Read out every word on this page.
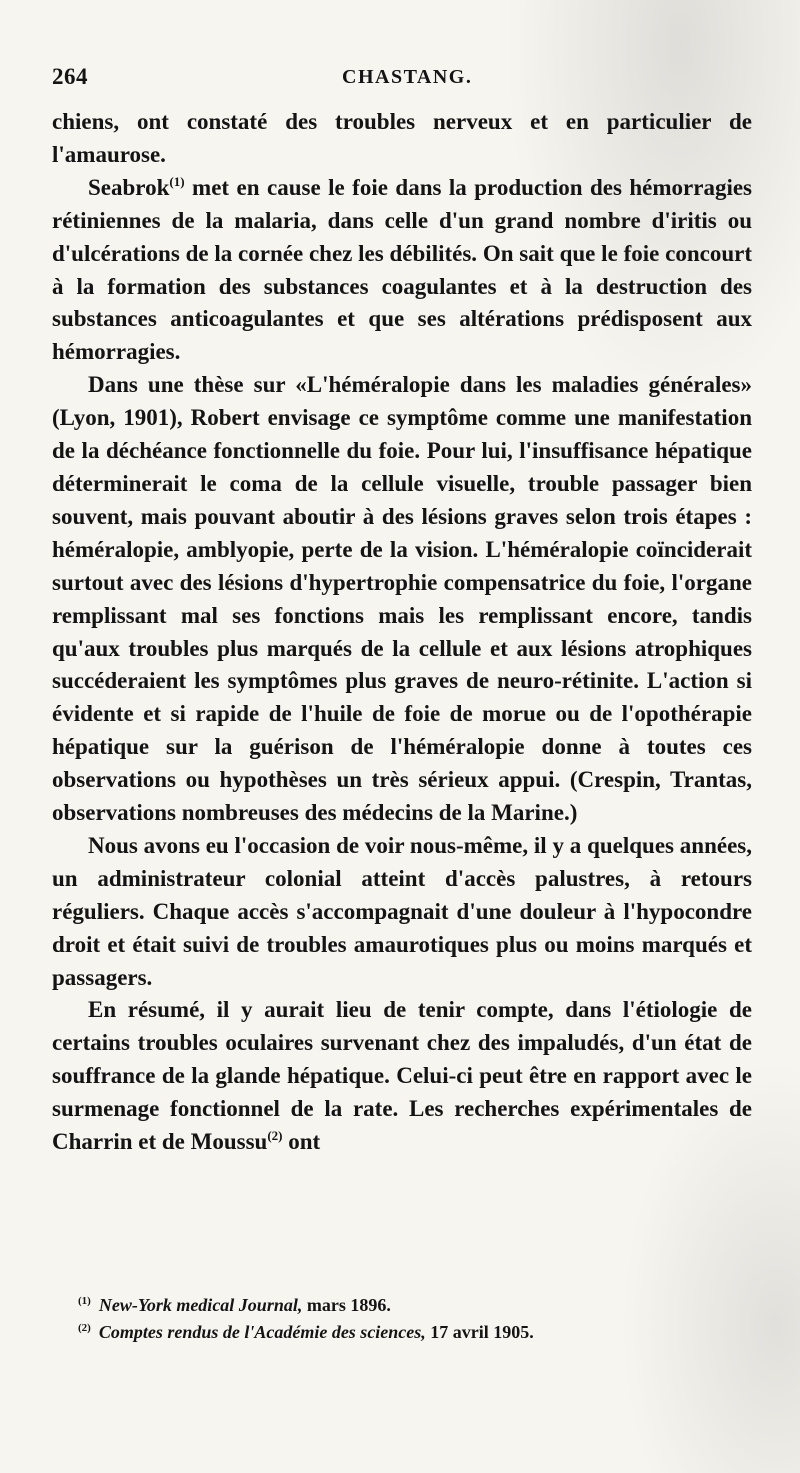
264	CHASTANG.

chiens, ont constaté des troubles nerveux et en particulier de l'amaurose.

Seabrok$^{(1)}$ met en cause le foie dans la production des hémorragies rétiniennes de la malaria, dans celle d'un grand nombre d'iritis ou d'ulcérations de la cornée chez les débilités. On sait que le foie concourt à la formation des substances coagulantes et à la destruction des substances anticoagulantes et que ses altérations prédisposent aux hémorragies.

Dans une thèse sur «L'héméralopie dans les maladies générales» (Lyon, 1901), Robert envisage ce symptôme comme une manifestation de la déchéance fonctionnelle du foie. Pour lui, l'insuffisance hépatique déterminerait le coma de la cellule visuelle, trouble passager bien souvent, mais pouvant aboutir à des lésions graves selon trois étapes : héméralopie, amblyopie, perte de la vision. L'héméralopie coïnciderait surtout avec des lésions d'hypertrophie compensatrice du foie, l'organe remplissant mal ses fonctions mais les remplissant encore, tandis qu'aux troubles plus marqués de la cellule et aux lésions atrophiques succéderaient les symptômes plus graves de neuro-rétinite. L'action si évidente et si rapide de l'huile de foie de morue ou de l'opothérapie hépatique sur la guérison de l'héméralopie donne à toutes ces observations ou hypothèses un très sérieux appui. (Crespin, Trantas, observations nombreuses des médecins de la Marine.)

Nous avons eu l'occasion de voir nous-même, il y a quelques années, un administrateur colonial atteint d'accès palustres, à retours réguliers. Chaque accès s'accompagnait d'une douleur à l'hypocondre droit et était suivi de troubles amaurotiques plus ou moins marqués et passagers.

En résumé, il y aurait lieu de tenir compte, dans l'étiologie de certains troubles oculaires survenant chez des impaludés, d'un état de souffrance de la glande hépatique. Celui-ci peut être en rapport avec le surmenage fonctionnel de la rate. Les recherches expérimentales de Charrin et de Moussu$^{(2)}$ ont

$^{(1)}$ New-York medical Journal, mars 1896.

$^{(2)}$ Comptes rendus de l'Académie des sciences, 17 avril 1905.
